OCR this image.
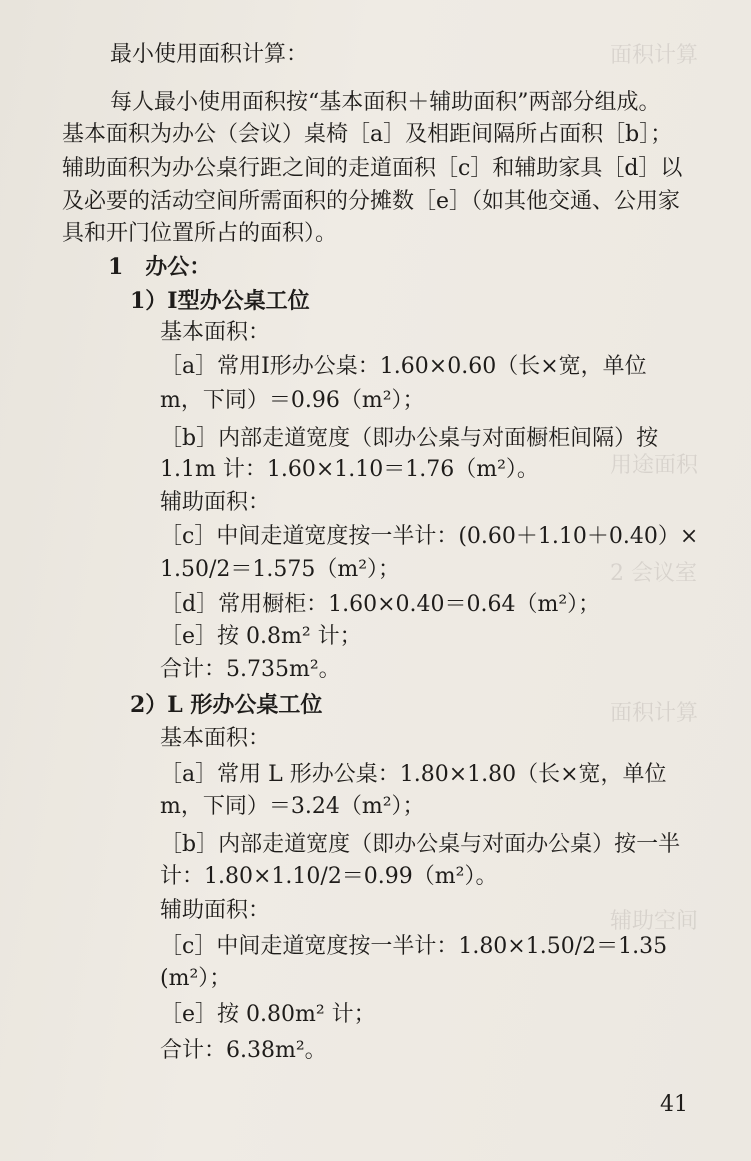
面积计算
用途面积
2 会议室
面积计算
辅助空间
最小使用面积计算：
每人最小使用面积按“基本面积＋辅助面积”两部分组成。
基本面积为办公（会议）桌椅［a］及相距间隔所占面积［b］；
辅助面积为办公桌行距之间的走道面积［c］和辅助家具［d］以
及必要的活动空间所需面积的分摊数［e］（如其他交通、公用家
具和开门位置所占的面积）。
1　办公：
1）Ⅰ型办公桌工位
基本面积：
［a］常用Ⅰ形办公桌：1.60×0.60（长×宽，单位
m，下同）＝0.96（m²）；
［b］内部走道宽度（即办公桌与对面橱柜间隔）按
1.1m 计：1.60×1.10＝1.76（m²）。
辅助面积：
［c］中间走道宽度按一半计：(0.60＋1.10＋0.40）×
1.50/2＝1.575（m²）；
［d］常用橱柜：1.60×0.40＝0.64（m²）；
［e］按 0.8m² 计；
合计：5.735m²。
2）L 形办公桌工位
基本面积：
［a］常用 L 形办公桌：1.80×1.80（长×宽，单位
m，下同）＝3.24（m²）；
［b］内部走道宽度（即办公桌与对面办公桌）按一半
计：1.80×1.10/2＝0.99（m²）。
辅助面积：
［c］中间走道宽度按一半计：1.80×1.50/2＝1.35
(m²）；
［e］按 0.80m² 计；
合计：6.38m²。
41
